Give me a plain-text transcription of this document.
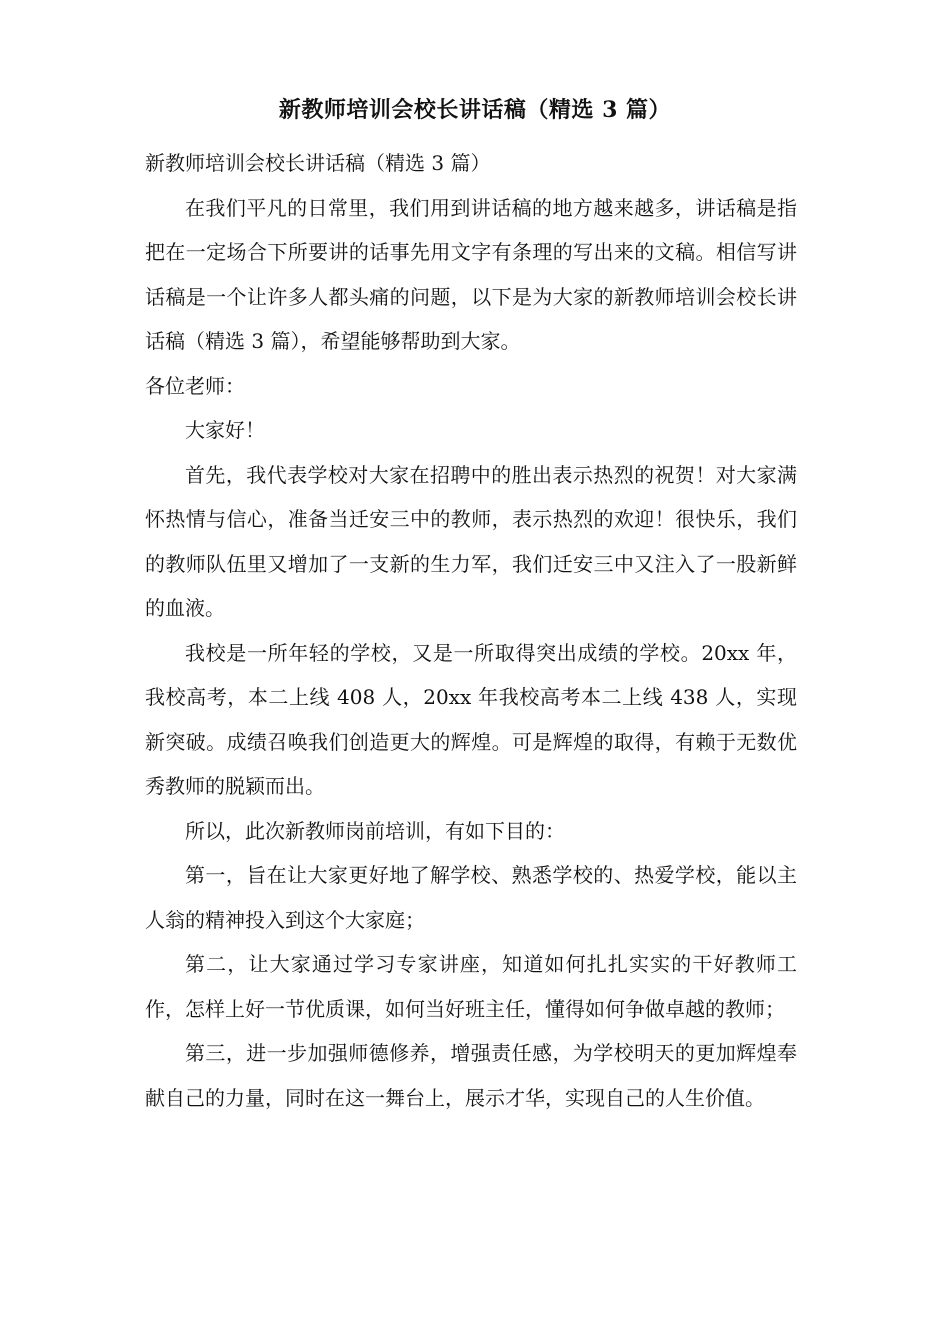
新教师培训会校长讲话稿（精选 3 篇）

新教师培训会校长讲话稿（精选 3 篇）

在我们平凡的日常里，我们用到讲话稿的地方越来越多，讲话稿是指把在一定场合下所要讲的话事先用文字有条理的写出来的文稿。相信写讲话稿是一个让许多人都头痛的问题，以下是为大家的新教师培训会校长讲话稿（精选 3 篇），希望能够帮助到大家。

各位老师：

大家好！

首先，我代表学校对大家在招聘中的胜出表示热烈的祝贺！对大家满怀热情与信心，准备当迁安三中的教师，表示热烈的欢迎！很快乐，我们的教师队伍里又增加了一支新的生力军，我们迁安三中又注入了一股新鲜的血液。

我校是一所年轻的学校，又是一所取得突出成绩的学校。20xx 年，我校高考，本二上线 408 人，20xx 年我校高考本二上线 438 人，实现新突破。成绩召唤我们创造更大的辉煌。可是辉煌的取得，有赖于无数优秀教师的脱颖而出。

所以，此次新教师岗前培训，有如下目的：

第一，旨在让大家更好地了解学校、熟悉学校的、热爱学校，能以主人翁的精神投入到这个大家庭；

第二，让大家通过学习专家讲座，知道如何扎扎实实的干好教师工作，怎样上好一节优质课，如何当好班主任，懂得如何争做卓越的教师；

第三，进一步加强师德修养，增强责任感，为学校明天的更加辉煌奉献自己的力量，同时在这一舞台上，展示才华，实现自己的人生价值。
